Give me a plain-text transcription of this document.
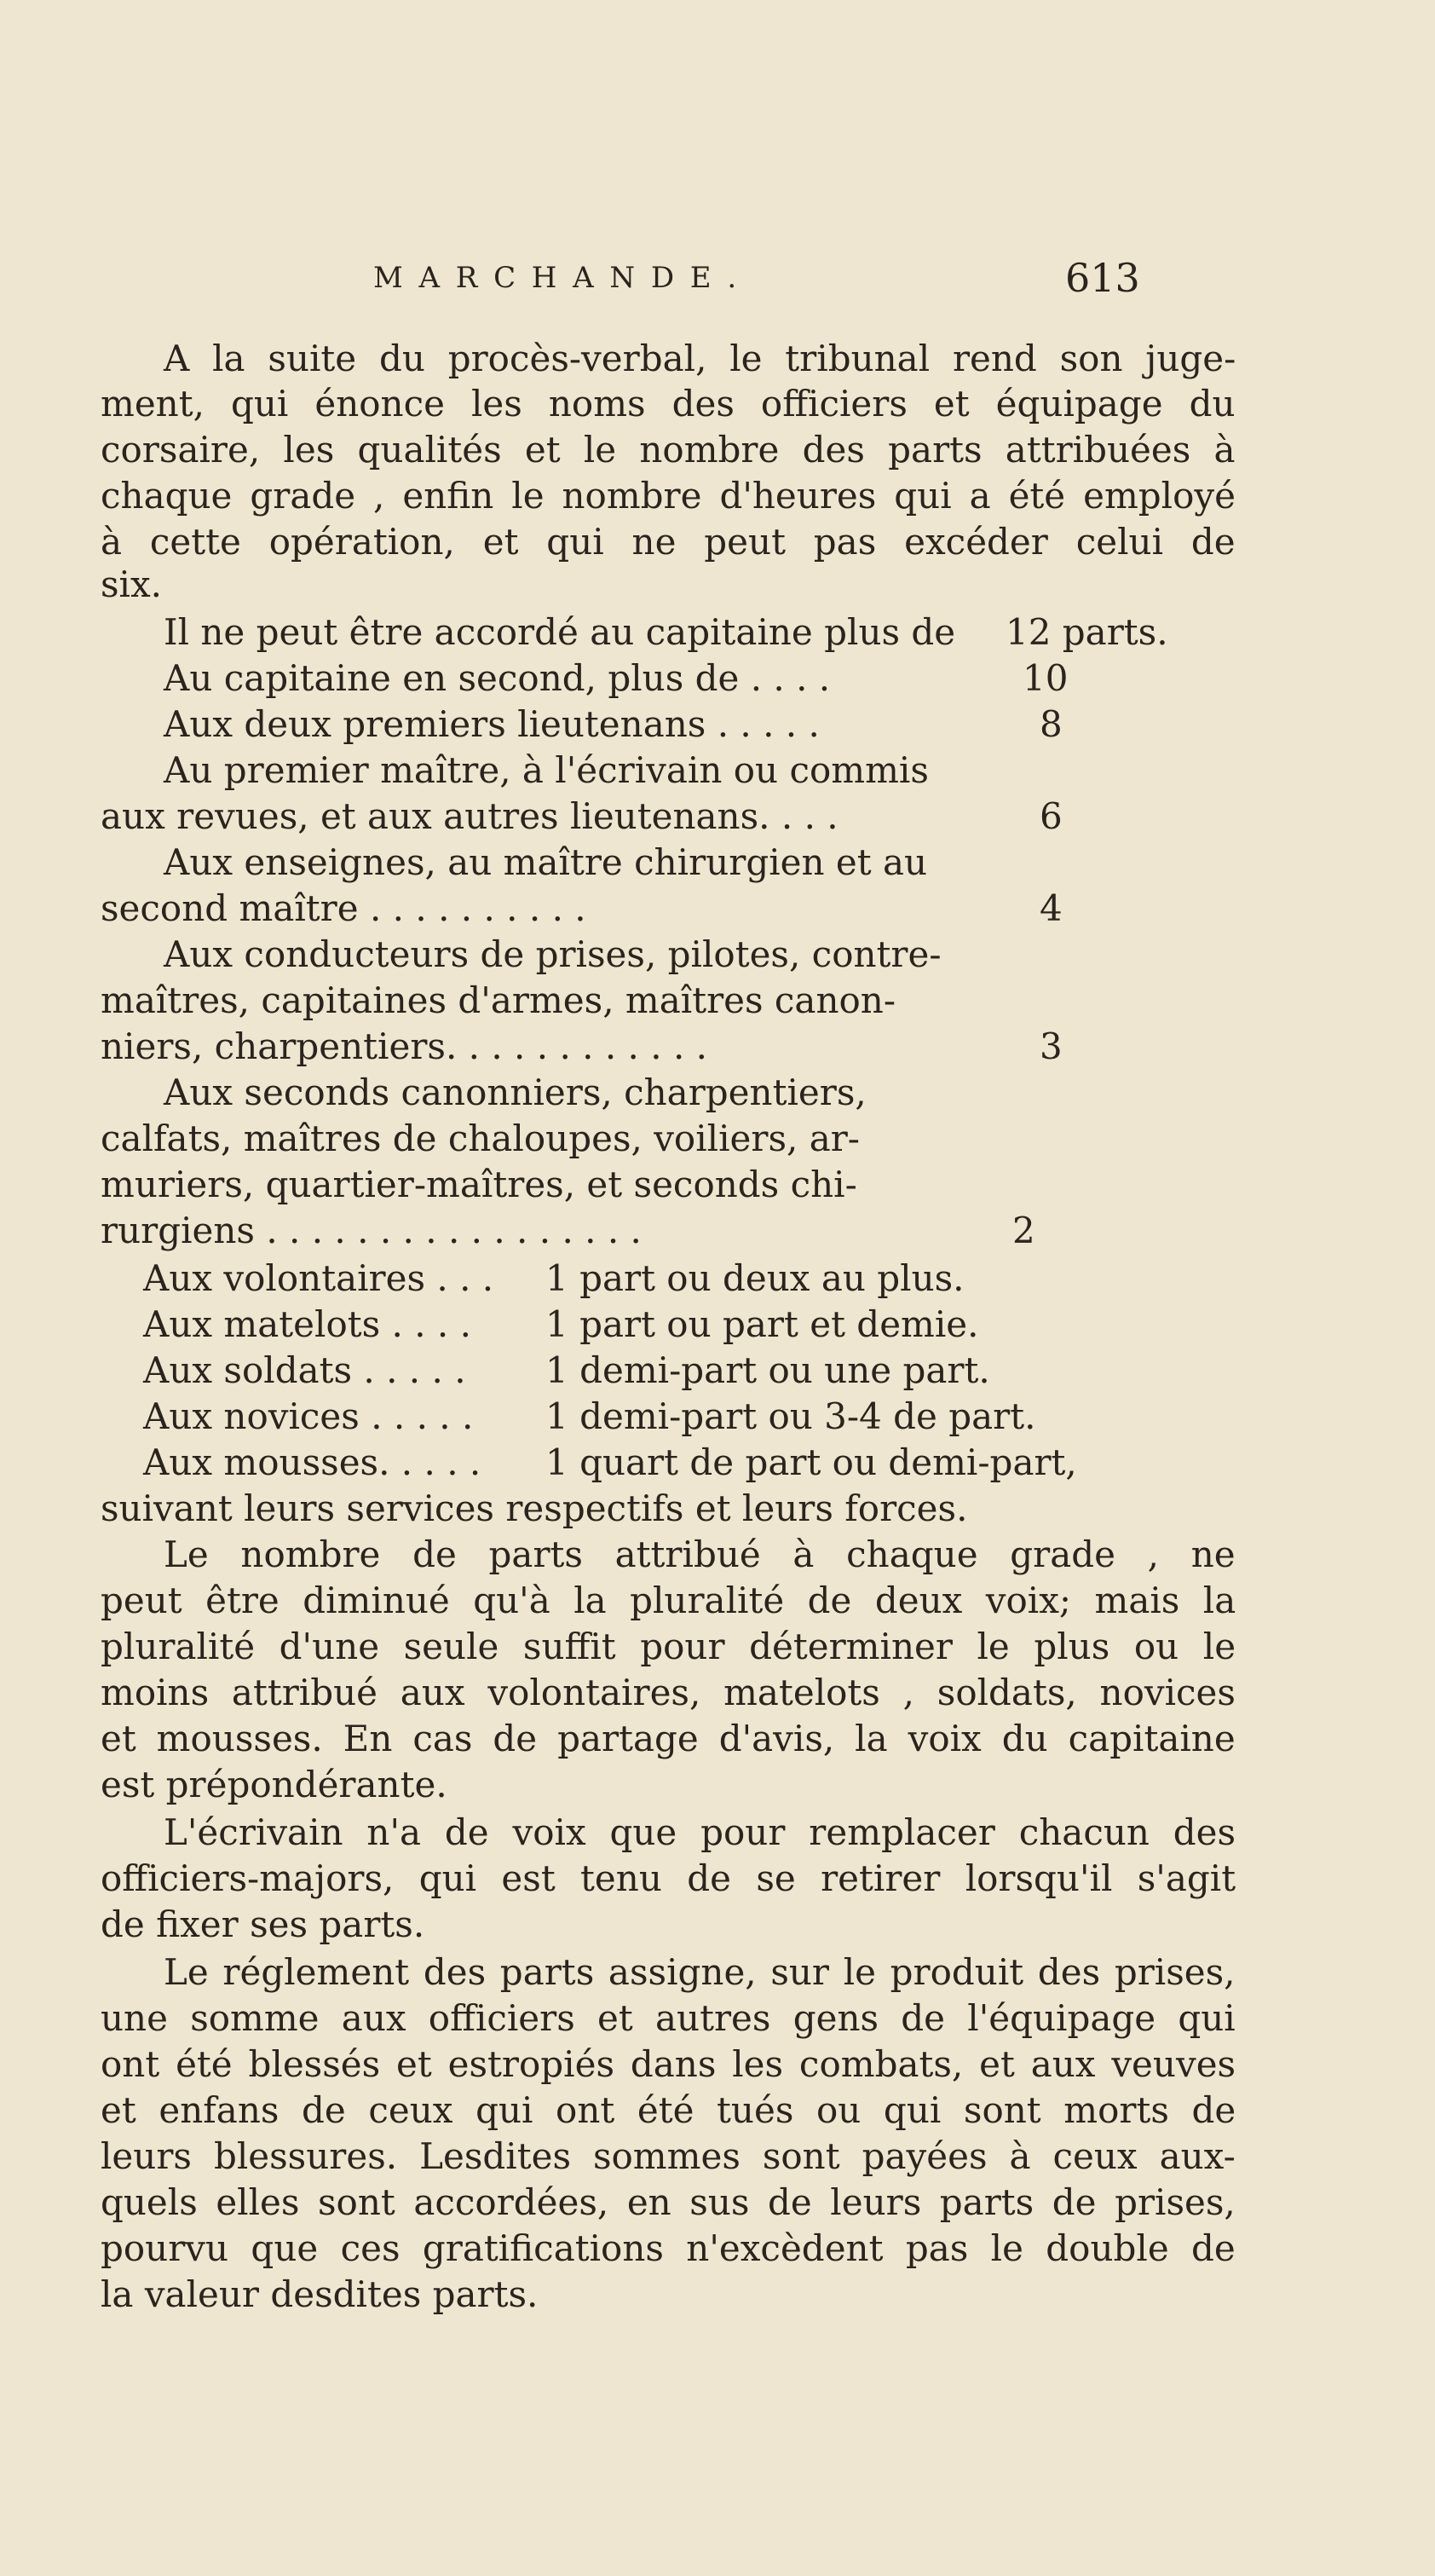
MARCHANDE.	613
A la suite du procès-verbal, le tribunal rend son juge-
ment, qui énonce les noms des officiers et équipage du
corsaire, les qualités et le nombre des parts attribuées à
chaque grade , enfin le nombre d'heures qui a été employé
à cette opération, et qui ne peut pas excéder celui de
six.
Il ne peut être accordé au capitaine plus de 12 parts.
Au capitaine en second, plus de . . . .	10
Aux deux premiers lieutenans . . . . .	8
Au premier maître, à l'écrivain ou commis
aux revues, et aux autres lieutenans. . . .	6
Aux enseignes, au maître chirurgien et au
second maître . . . . . . . . . .	4
Aux conducteurs de prises, pilotes, contre-
maîtres, capitaines d'armes, maîtres canon-
niers, charpentiers. . . . . . . . . . . .	3
Aux seconds canonniers, charpentiers,
calfats, maîtres de chaloupes, voiliers, ar-
muriers, quartier-maîtres, et seconds chi-
rurgiens . . . . . . . . . . . . . . . . .	2
Aux volontaires . . . 1 part ou deux au plus.
Aux matelots . . . . 1 part ou part et demie.
Aux soldats . . . . . 1 demi-part ou une part.
Aux novices . . . . . 1 demi-part ou 3-4 de part.
Aux mousses. . . . . 1 quart de part ou demi-part,
suivant leurs services respectifs et leurs forces.
Le nombre de parts attribué à chaque grade , ne
peut être diminué qu'à la pluralité de deux voix; mais la
pluralité d'une seule suffit pour déterminer le plus ou le
moins attribué aux volontaires, matelots , soldats, novices
et mousses. En cas de partage d'avis, la voix du capitaine
est prépondérante.
L'écrivain n'a de voix que pour remplacer chacun des
officiers-majors, qui est tenu de se retirer lorsqu'il s'agit
de fixer ses parts.
Le réglement des parts assigne, sur le produit des prises,
une somme aux officiers et autres gens de l'équipage qui
ont été blessés et estropiés dans les combats, et aux veuves
et enfans de ceux qui ont été tués ou qui sont morts de
leurs blessures. Lesdites sommes sont payées à ceux aux-
quels elles sont accordées, en sus de leurs parts de prises,
pourvu que ces gratifications n'excèdent pas le double de
la valeur desdites parts.
